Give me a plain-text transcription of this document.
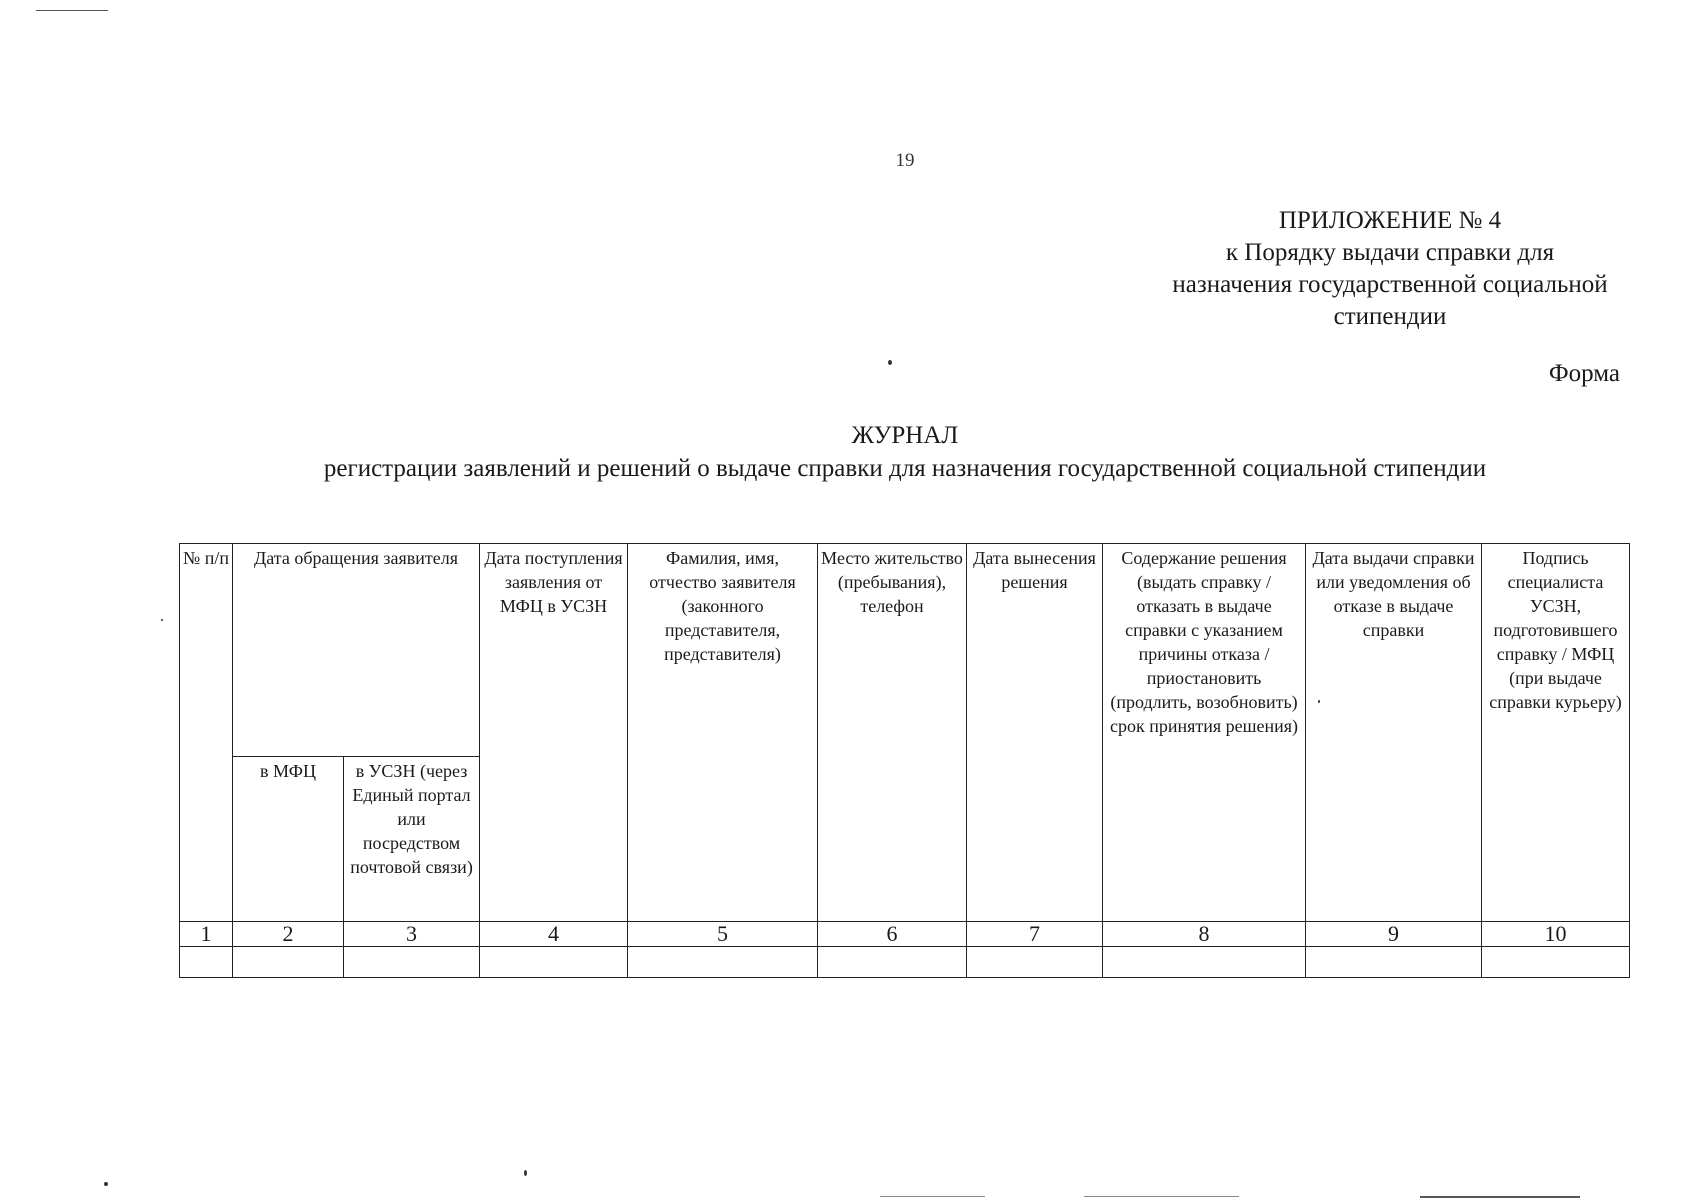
19
ПРИЛОЖЕНИЕ № 4
к Порядку выдачи справки для
назначения государственной социальной
стипендии
Форма
ЖУРНАЛ
регистрации заявлений и решений о выдаче справки для назначения государственной социальной стипендии
№ п/п	Дата обращения заявителя		Дата поступления заявления от МФЦ в УСЗН	Фамилия, имя, отчество заявителя (законного представителя, представителя)	Место жительство (пребывания), телефон	Дата вынесения решения	Содержание решения (выдать справку / отказать в выдаче справки с указанием причины отказа / приостановить (продлить, возобновить) срок принятия решения)	Дата выдачи справки или уведомления об отказе в выдаче справки	Подпись специалиста УСЗН, подготовившего справку / МФЦ (при выдаче справки курьеру)
	в МФЦ	в УСЗН (через Единый портал или посредством почтовой связи)							
1	2	3	4	5	6	7	8	9	10
